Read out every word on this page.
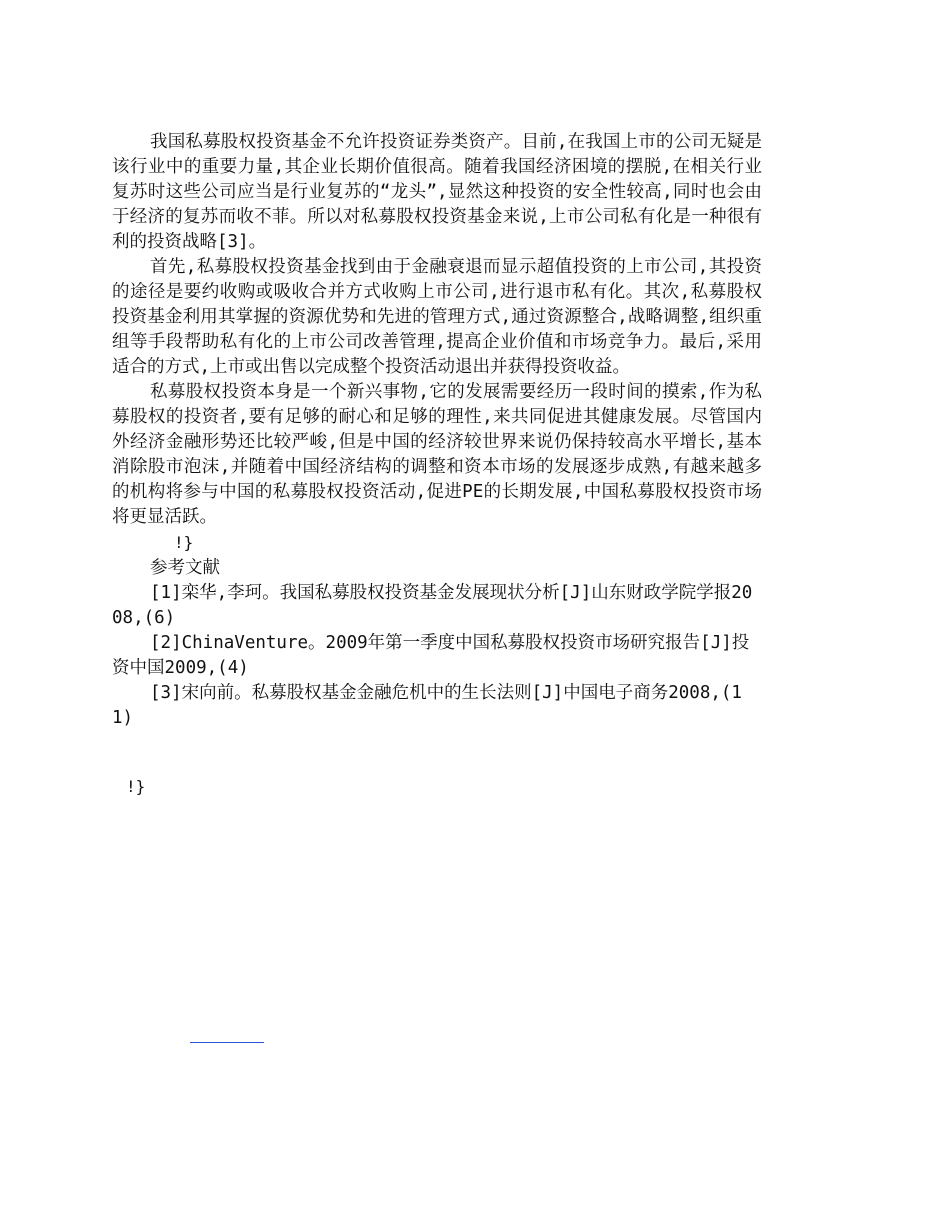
我国私募股权投资基金不允许投资证券类资产。目前,在我国上市的公司无疑是该行业中的重要力量,其企业长期价值很高。随着我国经济困境的摆脱,在相关行业复苏时这些公司应当是行业复苏的“龙头”,显然这种投资的安全性较高,同时也会由于经济的复苏而收不菲。所以对私募股权投资基金来说,上市公司私有化是一种很有利的投资战略[3]。

首先,私募股权投资基金找到由于金融衰退而显示超值投资的上市公司,其投资的途径是要约收购或吸收合并方式收购上市公司,进行退市私有化。其次,私募股权投资基金利用其掌握的资源优势和先进的管理方式,通过资源整合,战略调整,组织重组等手段帮助私有化的上市公司改善管理,提高企业价值和市场竞争力。最后,采用适合的方式,上市或出售以完成整个投资活动退出并获得投资收益。

私募股权投资本身是一个新兴事物,它的发展需要经历一段时间的摸索,作为私募股权的投资者,要有足够的耐心和足够的理性,来共同促进其健康发展。尽管国内外经济金融形势还比较严峻,但是中国的经济较世界来说仍保持较高水平增长,基本消除股市泡沫,并随着中国经济结构的调整和资本市场的发展逐步成熟,有越来越多的机构将参与中国的私募股权投资活动,促进PE的长期发展,中国私募股权投资市场将更显活跃。

!}

参考文献

[1]栾华,李珂。我国私募股权投资基金发展现状分析[J]山东财政学院学报2008,(6)

[2]ChinaVenture。2009年第一季度中国私募股权投资市场研究报告[J]投资中国2009,(4)

[3]宋向前。私募股权基金金融危机中的生长法则[J]中国电子商务2008,(11)

!}
